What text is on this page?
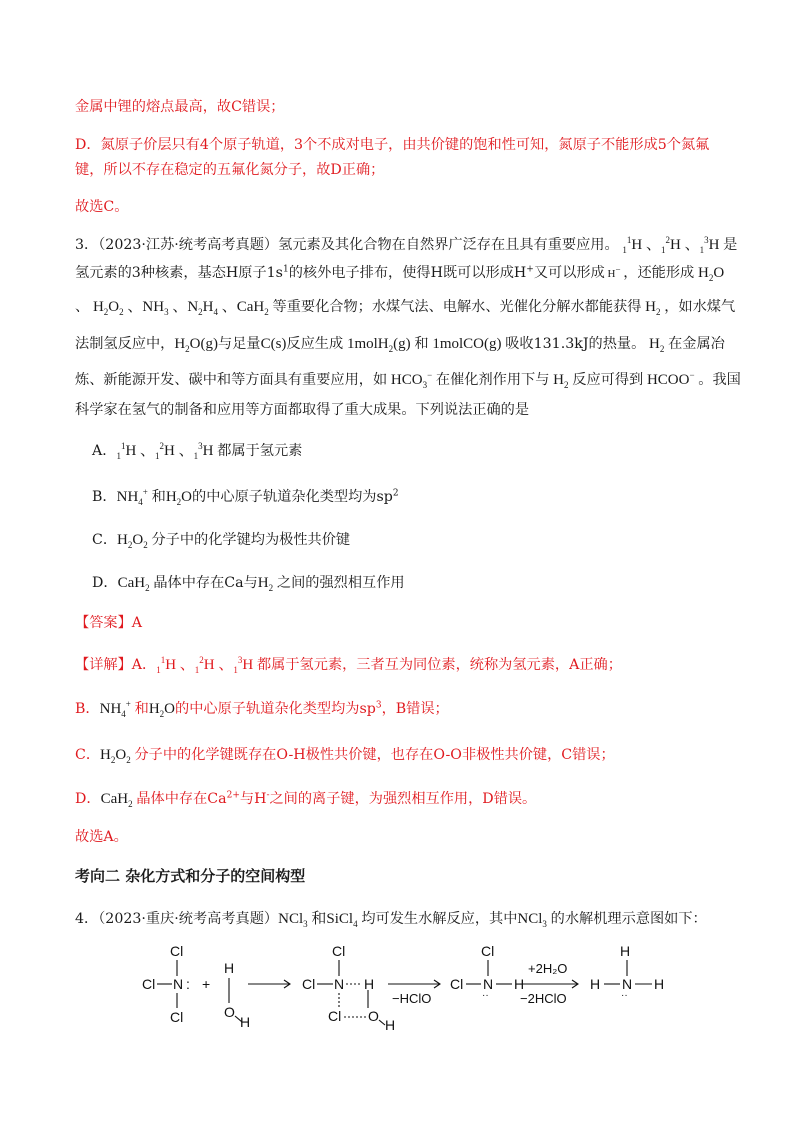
金属中锂的熔点最高，故C错误；
D．氮原子价层只有4个原子轨道，3个不成对电子，由共价键的饱和性可知，氮原子不能形成5个氮氟
键，所以不存在稳定的五氟化氮分子，故D正确；
故选C。
3．（2023·江苏·统考高考真题）氢元素及其化合物在自然界广泛存在且具有重要应用。 $_1^1$H 、$_1^2$H 、$_1^3$H 是
氢元素的3种核素，基态H原子$1s^1$的核外电子排布，使得H既可以形成H+又可以形成 H− ，还能形成 $H_2O$
、 $H_2O_2$ 、$NH_3$ 、$N_2H_4$ 、CaH$_2$ 等重要化合物；水煤气法、电解水、光催化分解水都能获得 $H_2$ ，如水煤气
法制氢反应中，$H_2O(g)$与足量C(s)反应生成 1molH$_2$(g) 和 1molCO(g) 吸收131.3kJ的热量。 $H_2$ 在金属冶
炼、新能源开发、碳中和等方面具有重要应用，如 $HCO_3^-$ 在催化剂作用下与 $H_2$ 反应可得到 HCOO− 。我国
科学家在氢气的制备和应用等方面都取得了重大成果。下列说法正确的是
A．$_1^1$H 、$_1^2$H 、$_1^3$H 都属于氢元素
B．$NH_4^+$ 和$H_2O$的中心原子轨道杂化类型均为$sp^2$
C．$H_2O_2$ 分子中的化学键均为极性共价键
D．CaH$_2$ 晶体中存在Ca与$H_2$ 之间的强烈相互作用
【答案】A
【详解】A．$_1^1$H 、$_1^2$H 、$_1^3$H 都属于氢元素，三者互为同位素，统称为氢元素，A正确；
B．$NH_4^+$ 和$H_2O$的中心原子轨道杂化类型均为$sp^3$，B错误；
C．$H_2O_2$ 分子中的化学键既存在O-H极性共价键，也存在O-O非极性共价键，C错误；
D．CaH$_2$ 晶体中存在$Ca^{2+}$与H-之间的离子键，为强烈相互作用，D错误。
故选A。
考向二 杂化方式和分子的空间构型
4．（2023·重庆·统考高考真题）NCl$_3$ 和SiCl$_4$ 均可发生水解反应，其中NCl$_3$ 的水解机理示意图如下：
Cl
Cl N
Cl
: +
H
O
H
Cl
Cl N H
Cl O
H
Cl
Cl N H
··
H
H N H
··
+2H₂O
−HClO	−2HClO
